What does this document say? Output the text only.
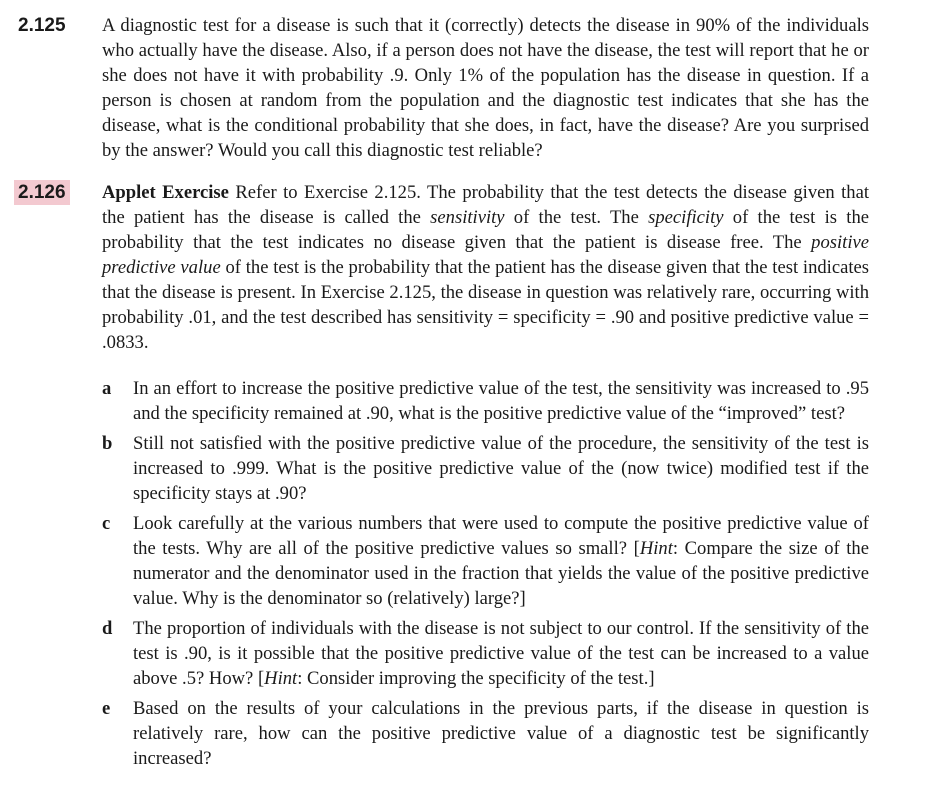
2.125 A diagnostic test for a disease is such that it (correctly) detects the disease in 90% of the individuals who actually have the disease. Also, if a person does not have the disease, the test will report that he or she does not have it with probability .9. Only 1% of the population has the disease in question. If a person is chosen at random from the population and the diagnostic test indicates that she has the disease, what is the conditional probability that she does, in fact, have the disease? Are you surprised by the answer? Would you call this diagnostic test reliable?
2.126 Applet Exercise Refer to Exercise 2.125. The probability that the test detects the disease given that the patient has the disease is called the sensitivity of the test. The specificity of the test is the probability that the test indicates no disease given that the patient is disease free. The positive predictive value of the test is the probability that the patient has the disease given that the test indicates that the disease is present. In Exercise 2.125, the disease in question was relatively rare, occurring with probability .01, and the test described has sensitivity = specificity = .90 and positive predictive value = .0833.
a	In an effort to increase the positive predictive value of the test, the sensitivity was increased to .95 and the specificity remained at .90, what is the positive predictive value of the “improved” test?
b	Still not satisfied with the positive predictive value of the procedure, the sensitivity of the test is increased to .999. What is the positive predictive value of the (now twice) modified test if the specificity stays at .90?
c	Look carefully at the various numbers that were used to compute the positive predictive value of the tests. Why are all of the positive predictive values so small? [Hint: Compare the size of the numerator and the denominator used in the fraction that yields the value of the positive predictive value. Why is the denominator so (relatively) large?]
d	The proportion of individuals with the disease is not subject to our control. If the sensitivity of the test is .90, is it possible that the positive predictive value of the test can be increased to a value above .5? How? [Hint: Consider improving the specificity of the test.]
e	Based on the results of your calculations in the previous parts, if the disease in question is relatively rare, how can the positive predictive value of a diagnostic test be significantly increased?
